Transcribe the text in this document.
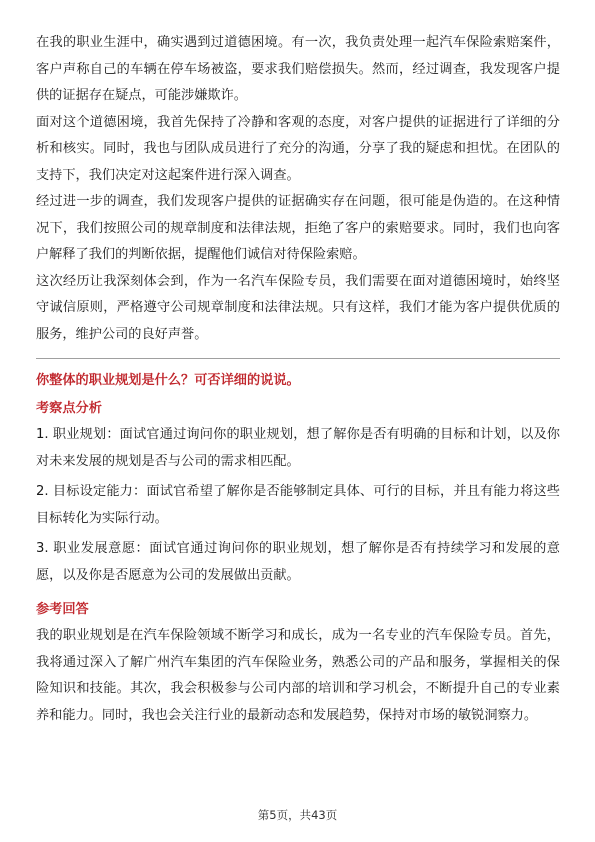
在我的职业生涯中，确实遇到过道德困境。有一次，我负责处理一起汽车保险索赔案件，客户声称自己的车辆在停车场被盗，要求我们赔偿损失。然而，经过调查，我发现客户提供的证据存在疑点，可能涉嫌欺诈。

面对这个道德困境，我首先保持了冷静和客观的态度，对客户提供的证据进行了详细的分析和核实。同时，我也与团队成员进行了充分的沟通，分享了我的疑虑和担忧。在团队的支持下，我们决定对这起案件进行深入调查。

经过进一步的调查，我们发现客户提供的证据确实存在问题，很可能是伪造的。在这种情况下，我们按照公司的规章制度和法律法规，拒绝了客户的索赔要求。同时，我们也向客户解释了我们的判断依据，提醒他们诚信对待保险索赔。

这次经历让我深刻体会到，作为一名汽车保险专员，我们需要在面对道德困境时，始终坚守诚信原则，严格遵守公司规章制度和法律法规。只有这样，我们才能为客户提供优质的服务，维护公司的良好声誉。

你整体的职业规划是什么？可否详细的说说。
考察点分析

1. 职业规划：面试官通过询问你的职业规划，想了解你是否有明确的目标和计划，以及你对未来发展的规划是否与公司的需求相匹配。

2. 目标设定能力：面试官希望了解你是否能够制定具体、可行的目标，并且有能力将这些目标转化为实际行动。

3. 职业发展意愿：面试官通过询问你的职业规划，想了解你是否有持续学习和发展的意愿，以及你是否愿意为公司的发展做出贡献。

参考回答

我的职业规划是在汽车保险领域不断学习和成长，成为一名专业的汽车保险专员。首先，我将通过深入了解广州汽车集团的汽车保险业务，熟悉公司的产品和服务，掌握相关的保险知识和技能。其次，我会积极参与公司内部的培训和学习机会，不断提升自己的专业素养和能力。同时，我也会关注行业的最新动态和发展趋势，保持对市场的敏锐洞察力。

第5页，共43页
